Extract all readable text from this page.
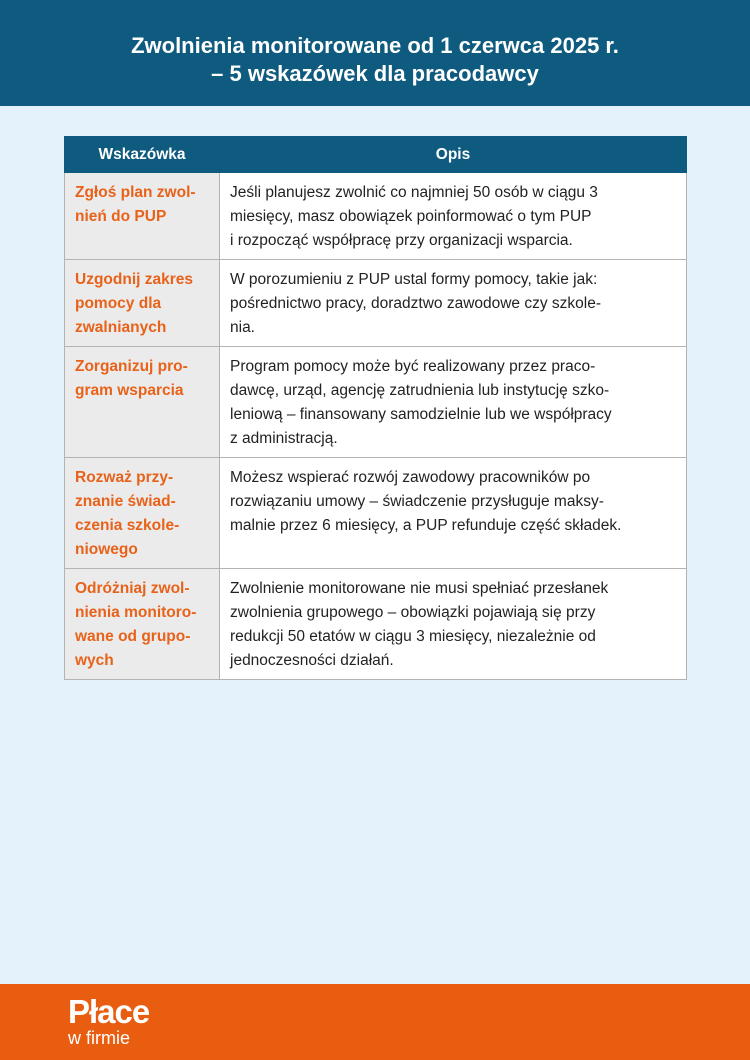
Zwolnienia monitorowane od 1 czerwca 2025 r.
– 5 wskazówek dla pracodawcy
Wskazówka	Opis

Zgłoś plan zwol-
nień do PUP	Jeśli planujesz zwolnić co najmniej 50 osób w ciągu 3
miesięcy, masz obowiązek poinformować o tym PUP
i rozpocząć współpracę przy organizacji wsparcia.

Uzgodnij zakres
pomocy dla
zwalnianych	W porozumieniu z PUP ustal formy pomocy, takie jak:
pośrednictwo pracy, doradztwo zawodowe czy szkole-
nia.

Zorganizuj pro-
gram wsparcia	Program pomocy może być realizowany przez praco-
dawcę, urząd, agencję zatrudnienia lub instytucję szko-
leniową – finansowany samodzielnie lub we współpracy
z administracją.

Rozważ przy-
znanie świad-
czenia szkole-
niowego	Możesz wspierać rozwój zawodowy pracowników po
rozwiązaniu umowy – świadczenie przysługuje maksy-
malnie przez 6 miesięcy, a PUP refunduje część składek.

Odróżniaj zwol-
nienia monitoro-
wane od grupo-
wych	Zwolnienie monitorowane nie musi spełniać przesłanek
zwolnienia grupowego – obowiązki pojawiają się przy
redukcji 50 etatów w ciągu 3 miesięcy, niezależnie od
jednoczesności działań.
Płace
w firmie
